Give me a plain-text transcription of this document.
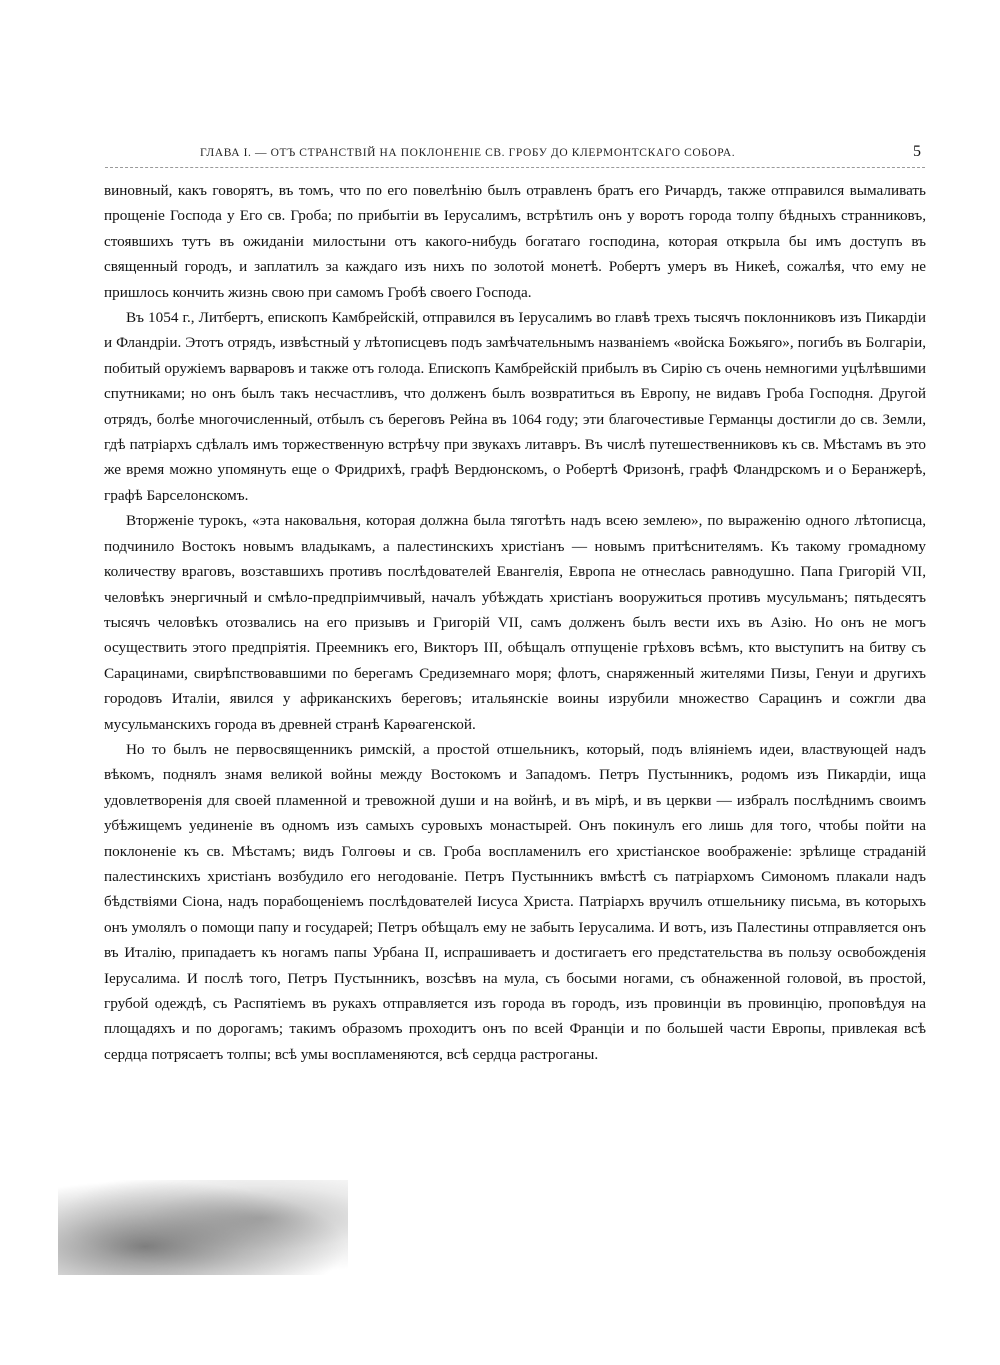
ГЛАВА I. — ОТЪ СТРАНСТВІЙ НА ПОКЛОНЕНІЕ СВ. ГРОБУ ДО КЛЕРМОНТСКАГО СОБОРА.	5

виновный, какъ говорятъ, въ томъ, что по его повелѣнію былъ отравленъ братъ его Ричардъ, также отправился вымаливать прощеніе Господа у Его св. Гроба; по прибытіи въ Іерусалимъ, встрѣтилъ онъ у воротъ города толпу бѣдныхъ странниковъ, стоявшихъ тутъ въ ожиданіи милостыни отъ какого-нибудь богатаго господина, которая открыла бы имъ доступъ въ священный городъ, и заплатилъ за каждаго изъ нихъ по золотой монетѣ. Робертъ умеръ въ Никеѣ, сожалѣя, что ему не пришлось кончить жизнь свою при самомъ Гробѣ своего Господа.

Въ 1054 г., Литбертъ, епископъ Камбрейскій, отправился въ Іерусалимъ во главѣ трехъ тысячъ поклонниковъ изъ Пикардіи и Фландріи. Этотъ отрядъ, извѣстный у лѣтописцевъ подъ замѣчательнымъ названіемъ «войска Божьяго», погибъ въ Болгаріи, побитый оружіемъ варваровъ и также отъ голода. Епископъ Камбрейскій прибылъ въ Сирію съ очень немногими уцѣлѣвшими спутниками; но онъ былъ такъ несчастливъ, что долженъ былъ возвратиться въ Европу, не видавъ Гроба Господня. Другой отрядъ, болѣе многочисленный, отбылъ съ береговъ Рейна въ 1064 году; эти благочестивые Германцы достигли до св. Земли, гдѣ патріархъ сдѣлалъ имъ торжественную встрѣчу при звукахъ литавръ. Въ числѣ путешественниковъ къ св. Мѣстамъ въ это же время можно упомянуть еще о Фридрихѣ, графѣ Вердюнскомъ, о Робертѣ Фризонѣ, графѣ Фландрскомъ и о Беранжерѣ, графѣ Барселонскомъ.

Вторженіе турокъ, «эта наковальня, которая должна была тяготѣть надъ всею землею», по выраженію одного лѣтописца, подчинило Востокъ новымъ владыкамъ, а палестинскихъ христіанъ — новымъ притѣснителямъ. Къ такому громадному количеству враговъ, возставшихъ противъ послѣдователей Евангелія, Европа не отнеслась равнодушно. Папа Григорій VII, человѣкъ энергичный и смѣло-предпріимчивый, началъ убѣждать христіанъ вооружиться противъ мусульманъ; пятьдесятъ тысячъ человѣкъ отозвались на его призывъ и Григорій VII, самъ долженъ былъ вести ихъ въ Азію. Но онъ не могъ осуществить этого предпріятія. Преемникъ его, Викторъ III, обѣщалъ отпущеніе грѣховъ всѣмъ, кто выступитъ на битву съ Сарацинами, свирѣпствовавшими по берегамъ Средиземнаго моря; флотъ, снаряженный жителями Пизы, Генуи и другихъ городовъ Италіи, явился у африканскихъ береговъ; итальянскіе воины изрубили множество Сарацинъ и сожгли два мусульманскихъ города въ древней странѣ Карѳагенской.

Но то былъ не первосвященникъ римскій, а простой отшельникъ, который, подъ вліяніемъ идеи, властвующей надъ вѣкомъ, поднялъ знамя великой войны между Востокомъ и Западомъ. Петръ Пустынникъ, родомъ изъ Пикардіи, ища удовлетворенія для своей пламенной и тревожной души и на войнѣ, и въ мірѣ, и въ церкви — избралъ послѣднимъ своимъ убѣжищемъ уединеніе въ одномъ изъ самыхъ суровыхъ монастырей. Онъ покинулъ его лишь для того, чтобы пойти на поклоненіе къ св. Мѣстамъ; видъ Голгоѳы и св. Гроба воспламенилъ его христіанское воображеніе: зрѣлище страданій палестинскихъ христіанъ возбудило его негодованіе. Петръ Пустынникъ вмѣстѣ съ патріархомъ Симономъ плакали надъ бѣдствіями Сіона, надъ порабощеніемъ послѣдователей Іисуса Христа. Патріархъ вручилъ отшельнику письма, въ которыхъ онъ умолялъ о помощи папу и государей; Петръ обѣщалъ ему не забыть Іерусалима. И вотъ, изъ Палестины отправляется онъ въ Италію, припадаетъ къ ногамъ папы Урбана II, испрашиваетъ и достигаетъ его предстательства въ пользу освобожденія Іерусалима. И послѣ того, Петръ Пустынникъ, возсѣвъ на мула, съ босыми ногами, съ обнаженной головой, въ простой, грубой одеждѣ, съ Распятіемъ въ рукахъ отправляется изъ города въ городъ, изъ провинціи въ провинцію, проповѣдуя на площадяхъ и по дорогамъ; такимъ образомъ проходитъ онъ по всей Франціи и по большей части Европы, привлекая всѣ сердца потрясаетъ толпы; всѣ умы воспламеняются, всѣ сердца растроганы.
